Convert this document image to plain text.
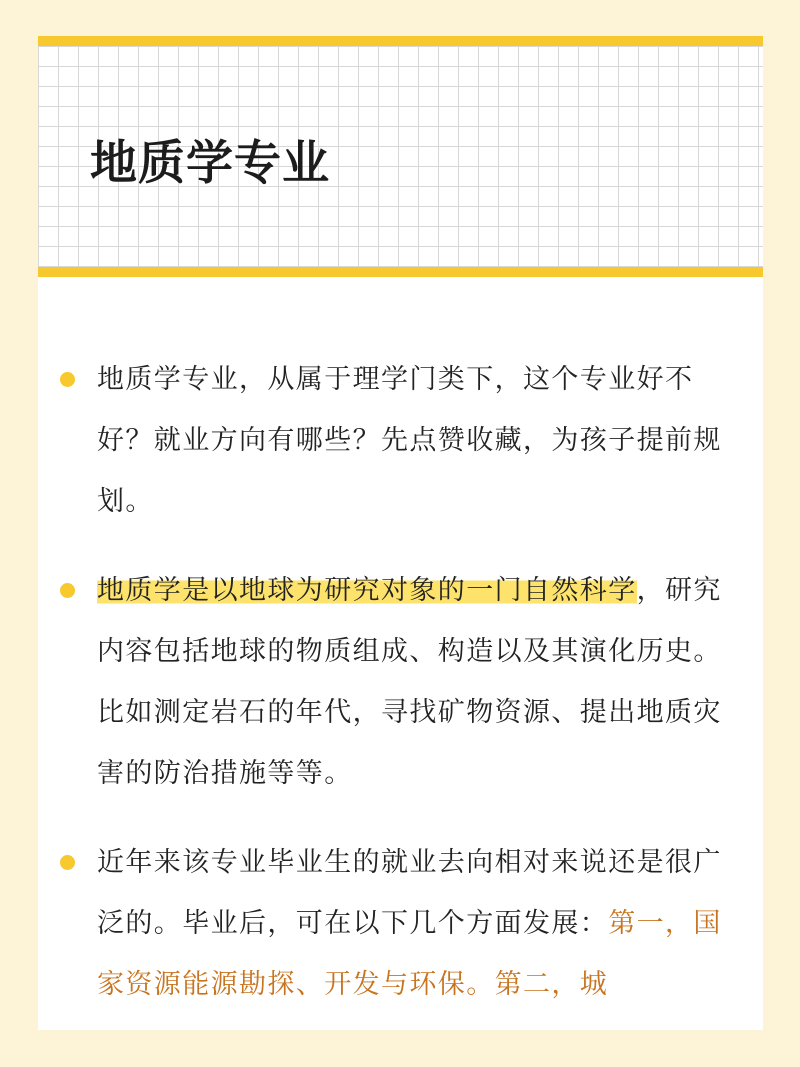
地质学专业
地质学专业，从属于理学门类下，这个专业好不好？就业方向有哪些？先点赞收藏，为孩子提前规划。
地质学是以地球为研究对象的一门自然科学，研究内容包括地球的物质组成、构造以及其演化历史。比如测定岩石的年代，寻找矿物资源、提出地质灾害的防治措施等等。
近年来该专业毕业生的就业去向相对来说还是很广泛的。毕业后，可在以下几个方面发展：第一，国家资源能源勘探、开发与环保。第二，城
